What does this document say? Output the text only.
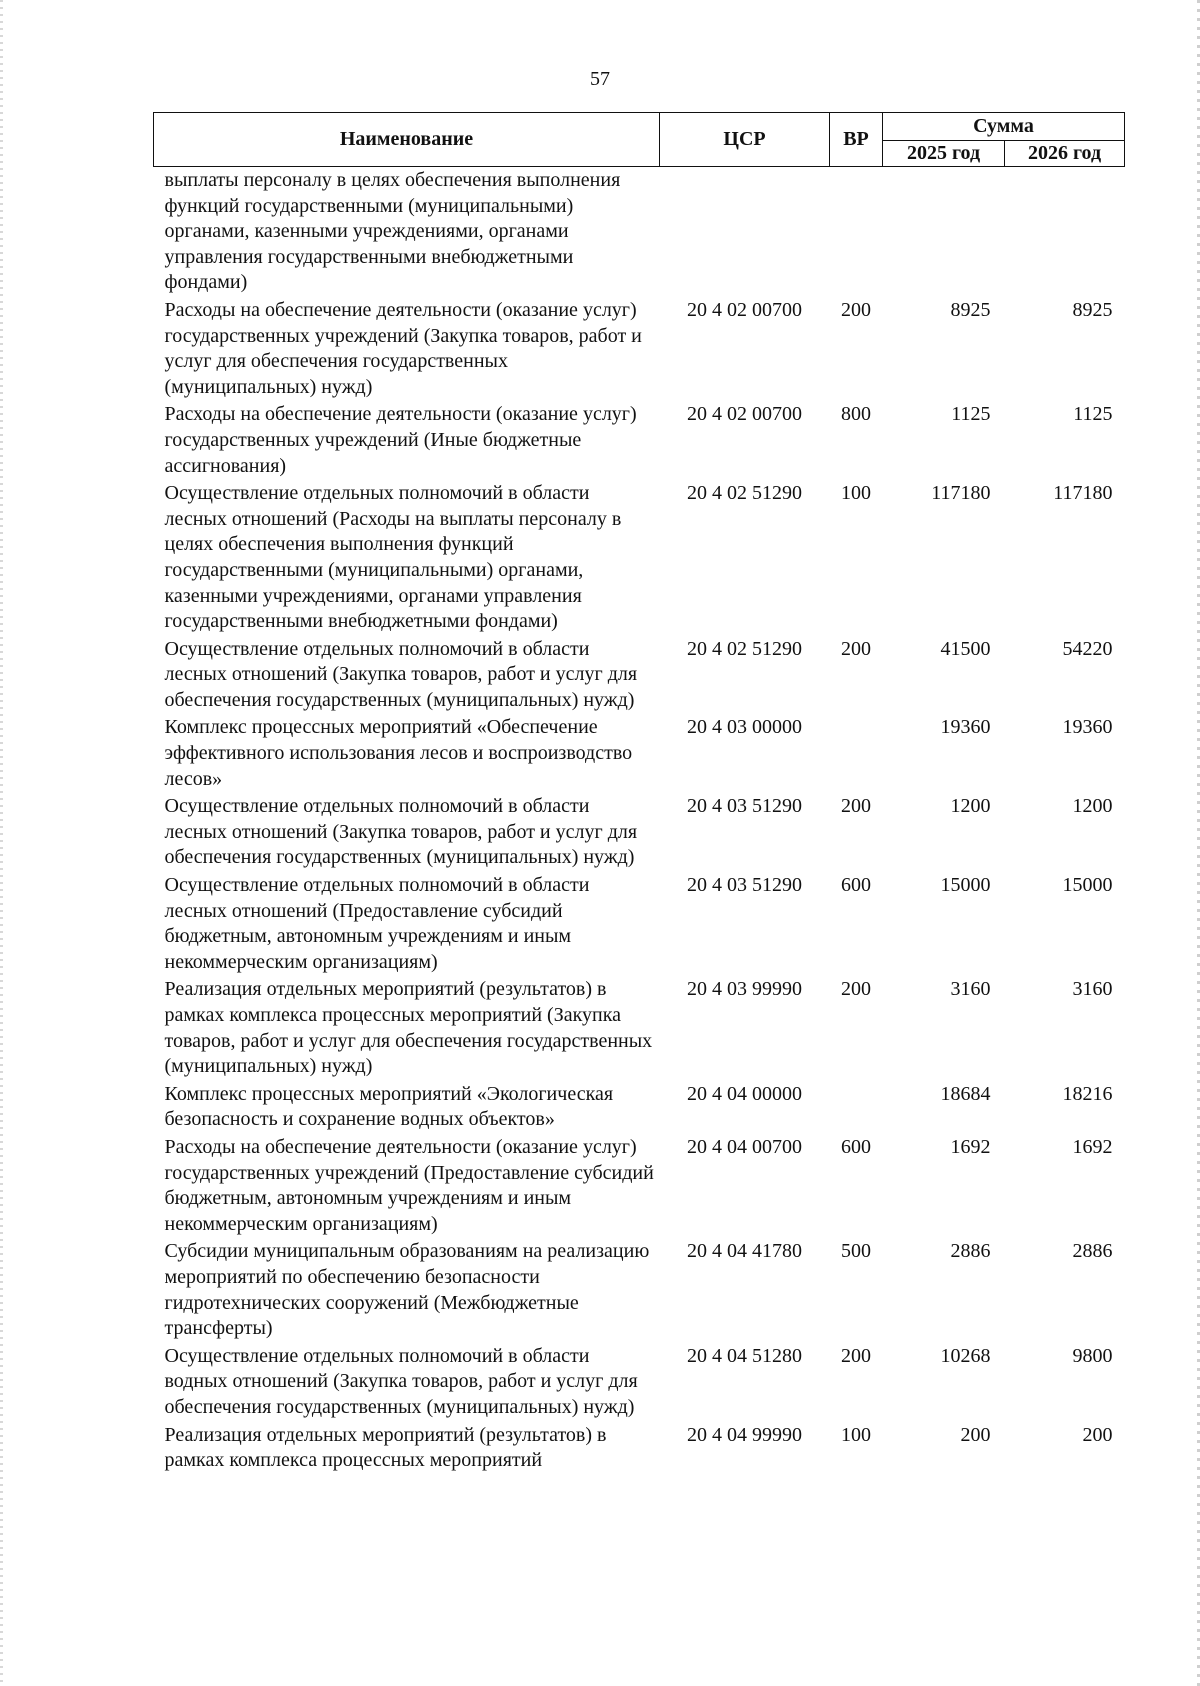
57
Наименование	ЦСР	ВР	Сумма	
			2025 год	2026 год
выплаты персоналу в целях обеспечения выполнения функций государственными (муниципальными) органами, казенными учреждениями, органами управления государственными внебюджетными фондами)				
Расходы на обеспечение деятельности (оказание услуг) государственных учреждений (Закупка товаров, работ и услуг для обеспечения государственных (муниципальных) нужд)	20 4 02 00700	200	8925	8925
Расходы на обеспечение деятельности (оказание услуг) государственных учреждений (Иные бюджетные ассигнования)	20 4 02 00700	800	1125	1125
Осуществление отдельных полномочий в области лесных отношений (Расходы на выплаты персоналу в целях обеспечения выполнения функций государственными (муниципальными) органами, казенными учреждениями, органами управления государственными внебюджетными фондами)	20 4 02 51290	100	117180	117180
Осуществление отдельных полномочий в области лесных отношений (Закупка товаров, работ и услуг для обеспечения государственных (муниципальных) нужд)	20 4 02 51290	200	41500	54220
Комплекс процессных мероприятий «Обеспечение эффективного использования лесов и воспроизводство лесов»	20 4 03 00000		19360	19360
Осуществление отдельных полномочий в области лесных отношений (Закупка товаров, работ и услуг для обеспечения государственных (муниципальных) нужд)	20 4 03 51290	200	1200	1200
Осуществление отдельных полномочий в области лесных отношений (Предоставление субсидий бюджетным, автономным учреждениям и иным некоммерческим организациям)	20 4 03 51290	600	15000	15000
Реализация отдельных мероприятий (результатов) в рамках комплекса процессных мероприятий (Закупка товаров, работ и услуг для обеспечения государственных (муниципальных) нужд)	20 4 03 99990	200	3160	3160
Комплекс процессных мероприятий «Экологическая безопасность и сохранение водных объектов»	20 4 04 00000		18684	18216
Расходы на обеспечение деятельности (оказание услуг) государственных учреждений (Предоставление субсидий бюджетным, автономным учреждениям и иным некоммерческим организациям)	20 4 04 00700	600	1692	1692
Субсидии муниципальным образованиям на реализацию мероприятий по обеспечению безопасности гидротехнических сооружений (Межбюджетные трансферты)	20 4 04 41780	500	2886	2886
Осуществление отдельных полномочий в области водных отношений (Закупка товаров, работ и услуг для обеспечения государственных (муниципальных) нужд)	20 4 04 51280	200	10268	9800
Реализация отдельных мероприятий (результатов) в рамках комплекса процессных мероприятий	20 4 04 99990	100	200	200
